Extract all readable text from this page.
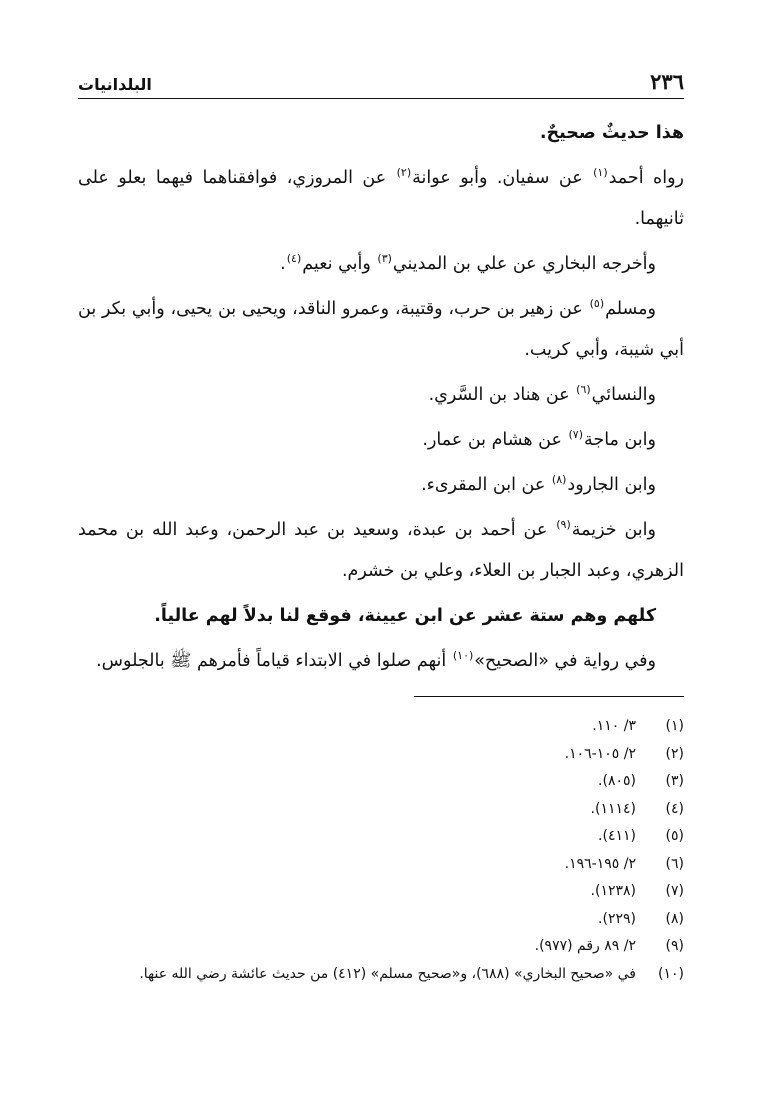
٢٣٦
البلدانيات

هذا حديثٌ صحيحٌ.

رواه أحمد$^{(١)}$ عن سفيان. وأبو عوانة$^{(٢)}$ عن المروزي، فوافقناهما فيهما بعلو على ثانيهما.

وأخرجه البخاري عن علي بن المديني$^{(٣)}$ وأبي نعيم$^{(٤)}$.

ومسلم$^{(٥)}$ عن زهير بن حرب، وقتيبة، وعمرو الناقد، ويحيى بن يحيى، وأبي بكر بن أبي شيبة، وأبي كريب.

والنسائي$^{(٦)}$ عن هناد بن السَّري.

وابن ماجة$^{(٧)}$ عن هشام بن عمار.

وابن الجارود$^{(٨)}$ عن ابن المقرىء.

وابن خزيمة$^{(٩)}$ عن أحمد بن عبدة، وسعيد بن عبد الرحمن، وعبد الله بن محمد الزهري، وعبد الجبار بن العلاء، وعلي بن خشرم.

كلهم وهم ستة عشر عن ابن عيينة، فوقع لنا بدلاً لهم عالياً.

وفي رواية في «الصحيح»$^{(١٠)}$ أنهم صلوا في الابتداء قياماً فأمرهم ﷺ بالجلوس.

(١)
٣/ ١١٠.
(٢)
٢/ ١٠٥-١٠٦.
(٣)
(٨٠٥).
(٤)
(١١١٤).
(٥)
(٤١١).
(٦)
٢/ ١٩٥-١٩٦.
(٧)
(١٢٣٨).
(٨)
(٢٢٩).
(٩)
٢/ ٨٩ رقم (٩٧٧).
(١٠)
في «صحيح البخاري» (٦٨٨)، و«صحيح مسلم» (٤١٢) من حديث عائشة رضي الله عنها.
